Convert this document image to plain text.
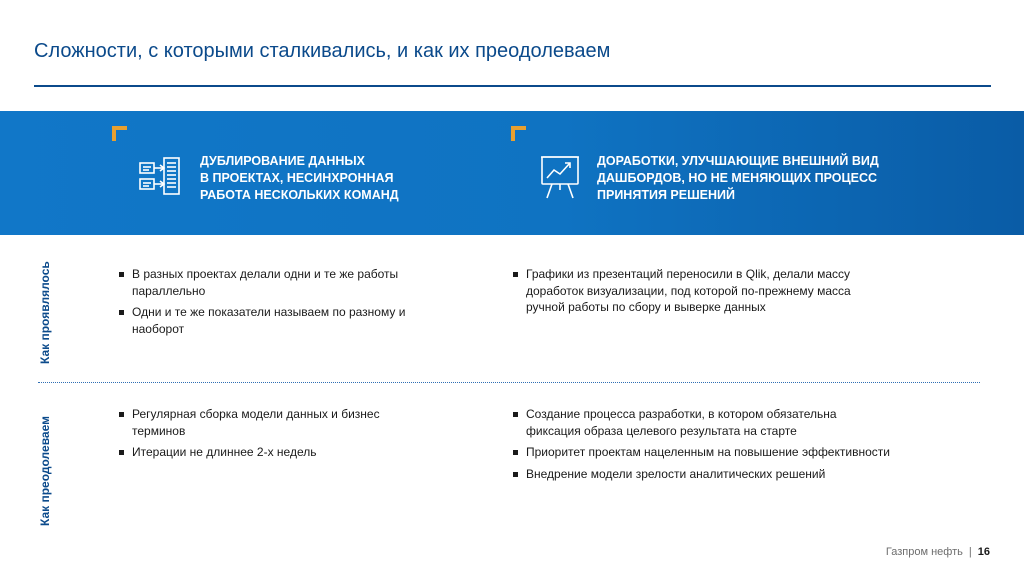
Сложности, с которыми сталкивались, и как их преодолеваем
ДУБЛИРОВАНИЕ ДАННЫХ
В ПРОЕКТАХ, НЕСИНХРОННАЯ
РАБОТА НЕСКОЛЬКИХ КОМАНД
ДОРАБОТКИ, УЛУЧШАЮЩИЕ ВНЕШНИЙ ВИД
ДАШБОРДОВ, НО НЕ МЕНЯЮЩИХ ПРОЦЕСС
ПРИНЯТИЯ РЕШЕНИЙ
Как проявлялось
Как преодолеваем
В разных проектах делали одни и те же работы параллельно
Одни и те же показатели называем по разному и наоборот
Графики из презентаций переносили в Qlik, делали массу доработок визуализации, под которой по-прежнему масса ручной работы по сбору и выверке данных
Регулярная сборка модели данных и бизнес терминов
Итерации не длиннее 2-х недель
Создание процесса разработки, в котором обязательна фиксация образа целевого результата на старте
Приоритет проектам нацеленным на повышение эффективности
Внедрение модели зрелости аналитических решений
Газпром нефть | 16
